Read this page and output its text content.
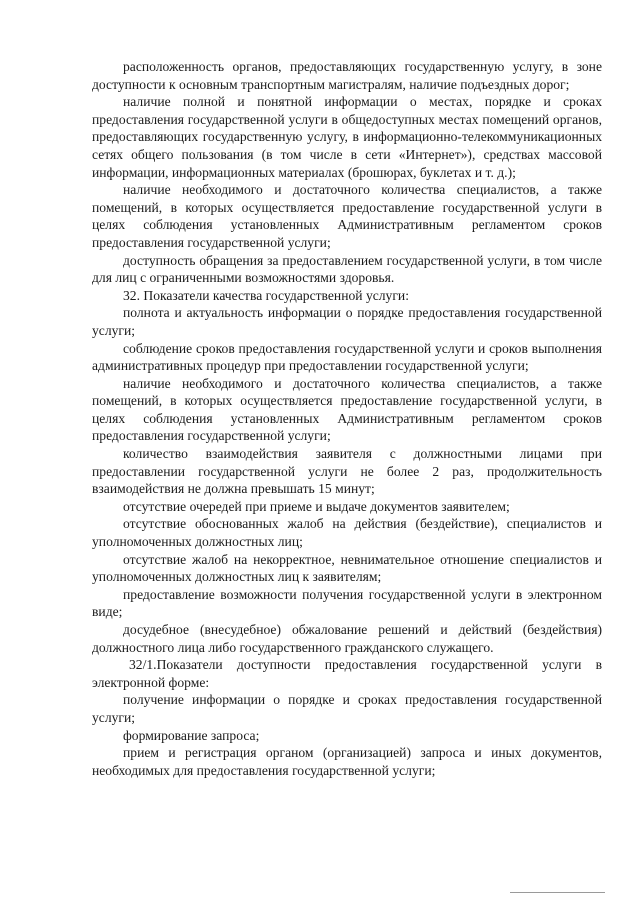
расположенность органов, предоставляющих государственную услугу, в зоне доступности к основным транспортным магистралям, наличие подъездных дорог;

наличие полной и понятной информации о местах, порядке и сроках предоставления государственной услуги в общедоступных местах помещений органов, предоставляющих государственную услугу, в информационно-телекоммуникационных сетях общего пользования (в том числе в сети «Интернет»), средствах массовой информации, информационных материалах (брошюрах, буклетах и т. д.);

наличие необходимого и достаточного количества специалистов, а также помещений, в которых осуществляется предоставление государственной услуги в целях соблюдения установленных Административным регламентом сроков предоставления государственной услуги;

доступность обращения за предоставлением государственной услуги, в том числе для лиц с ограниченными возможностями здоровья.

32. Показатели качества государственной услуги:

полнота и актуальность информации о порядке предоставления государственной услуги;

соблюдение сроков предоставления государственной услуги и сроков выполнения административных процедур при предоставлении государственной услуги;

наличие необходимого и достаточного количества специалистов, а также помещений, в которых осуществляется предоставление государственной услуги, в целях соблюдения установленных Административным регламентом сроков предоставления государственной услуги;

количество взаимодействия заявителя с должностными лицами при предоставлении государственной услуги не более 2 раз, продолжительность взаимодействия не должна превышать 15 минут;

отсутствие очередей при приеме и выдаче документов заявителем;

отсутствие обоснованных жалоб на действия (бездействие), специалистов и уполномоченных должностных лиц;

отсутствие жалоб на некорректное, невнимательное отношение специалистов и уполномоченных должностных лиц к заявителям;

предоставление возможности получения государственной услуги в электронном виде;

досудебное (внесудебное) обжалование решений и действий (бездействия) должностного лица либо государственного гражданского служащего.

32/1.Показатели доступности предоставления государственной услуги в электронной форме:

получение информации о порядке и сроках предоставления государственной услуги;

формирование запроса;

прием и регистрация органом (организацией) запроса и иных документов, необходимых для предоставления государственной услуги;
